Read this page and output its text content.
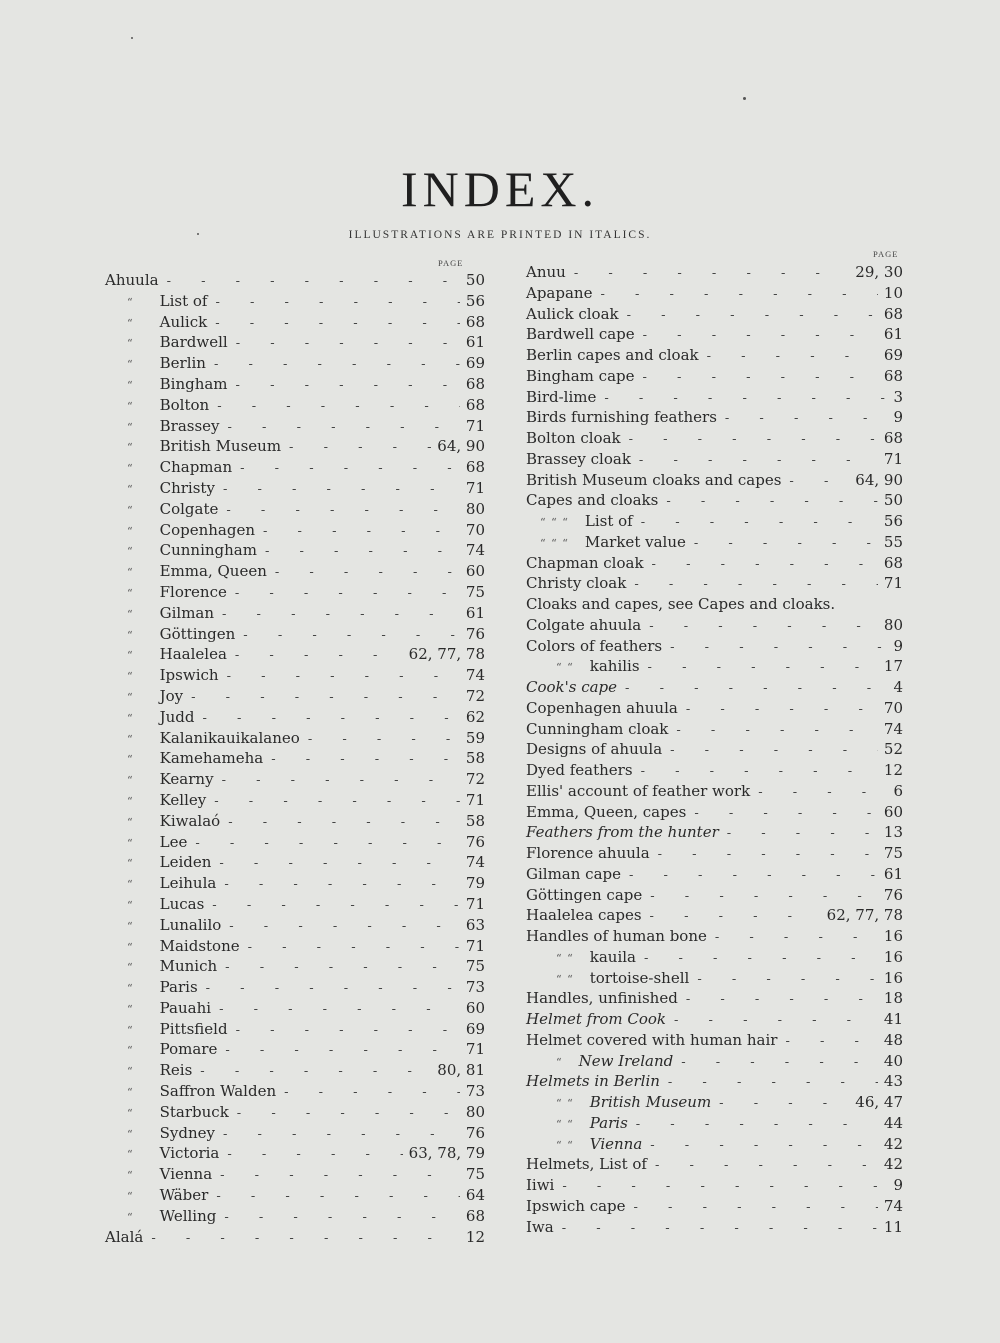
INDEX.
ILLUSTRATIONS ARE PRINTED IN ITALICS.
PAGE
PAGE
Ahuula - - -	50
“	List of - - -	56
“	Aulick - - -	68
“	Bardwell - - -	61
“	Berlin - - -	69
“	Bingham - - -	68
“	Bolton - - -	68
“	Brassey - - -	71
“	British Museum - - -	64, 90
“	Chapman - - -	68
“	Christy - - -	71
“	Colgate - - -	80
“	Copenhagen - - -	70
“	Cunningham - - -	74
“	Emma, Queen - - -	60
“	Florence - - -	75
“	Gilman - - -	61
“	Göttingen - - -	76
“	Haalelea - - -	62, 77, 78
“	Ipswich - - -	74
“	Joy - - -	72
“	Judd - - -	62
“	Kalanikauikalaneo - - -	59
“	Kamehameha - - -	58
“	Kearny - - -	72
“	Kelley - - -	71
“	Kiwalaó - - -	58
“	Lee - - -	76
“	Leiden - - -	74
“	Leihula - - -	79
“	Lucas - - -	71
“	Lunalilo - - -	63
“	Maidstone - - -	71
“	Munich - - -	75
“	Paris - - -	73
“	Pauahi - - -	60
“	Pittsfield - - -	69
“	Pomare - - -	71
“	Reis - - -	80, 81
“	Saffron Walden - - -	73
“	Starbuck - - -	80
“	Sydney - - -	76
“	Victoria - - -	63, 78, 79
“	Vienna - - -	75
“	Wäber - - -	64
“	Welling - - -	68
Alalá - - -	12
Anuu - - -	29, 30
Apapane - - -	10
Aulick cloak - - -	68
Bardwell cape - - -	61
Berlin capes and cloak - - -	69
Bingham cape - - -	68
Bird-lime - - -	3
Birds furnishing feathers - - -	9
Bolton cloak - - -	68
Brassey cloak - - -	71
British Museum cloaks and capes - - -	64, 90
Capes and cloaks - - -	50
“ “ “	List of - - -	56
“ “ “	Market value - - -	55
Chapman cloak - - -	68
Christy cloak - - -	71
Cloaks and capes, see Capes and cloaks.
Colgate ahuula - - -	80
Colors of feathers - - -	9
“ “	kahilis - - -	17
Cook's cape - - -	4
Copenhagen ahuula - - -	70
Cunningham cloak - - -	74
Designs of ahuula - - -	52
Dyed feathers - - -	12
Ellis' account of feather work - - -	6
Emma, Queen, capes - - -	60
Feathers from the hunter - - -	13
Florence ahuula - - -	75
Gilman cape - - -	61
Göttingen cape - - -	76
Haalelea capes - - -	62, 77, 78
Handles of human bone - - -	16
“ “	kauila - - -	16
“ “	tortoise-shell - - -	16
Handles, unfinished - - -	18
Helmet from Cook - - -	41
Helmet covered with human hair - - -	48
“	New Ireland - - -	40
Helmets in Berlin - - -	43
“ “	British Museum - - -	46, 47
“ “	Paris - - -	44
“ “	Vienna - - -	42
Helmets, List of - - -	42
Iiwi - - -	9
Ipswich cape - - -	74
Iwa - - -	11
